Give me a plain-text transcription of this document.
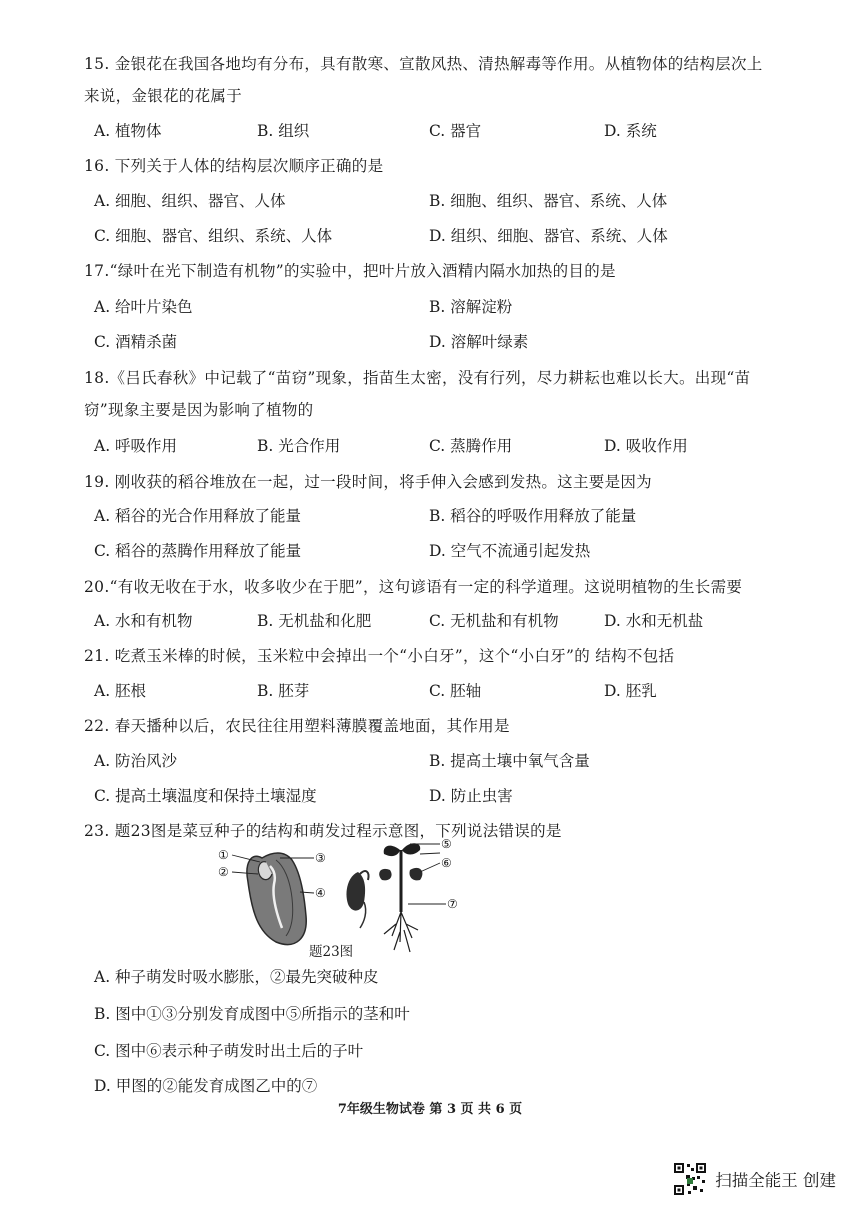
15. 金银花在我国各地均有分布，具有散寒、宣散风热、清热解毒等作用。从植物体的结构层次上
来说，金银花的花属于
A. 植物体	B. 组织	C. 器官	D. 系统
16. 下列关于人体的结构层次顺序正确的是
A. 细胞、组织、器官、人体	B. 细胞、组织、器官、系统、人体
C. 细胞、器官、组织、系统、人体	D. 组织、细胞、器官、系统、人体
17.“绿叶在光下制造有机物”的实验中，把叶片放入酒精内隔水加热的目的是
A. 给叶片染色	B. 溶解淀粉
C. 酒精杀菌	D. 溶解叶绿素
18.《吕氏春秋》中记载了“苗窃”现象，指苗生太密，没有行列，尽力耕耘也难以长大。出现“苗
窃”现象主要是因为影响了植物的
A. 呼吸作用	B. 光合作用	C. 蒸腾作用	D. 吸收作用
19. 刚收获的稻谷堆放在一起，过一段时间，将手伸入会感到发热。这主要是因为
A. 稻谷的光合作用释放了能量	B. 稻谷的呼吸作用释放了能量
C. 稻谷的蒸腾作用释放了能量	D. 空气不流通引起发热
20.“有收无收在于水，收多收少在于肥”，这句谚语有一定的科学道理。这说明植物的生长需要
A. 水和有机物	B. 无机盐和化肥	C. 无机盐和有机物	D. 水和无机盐
21. 吃煮玉米棒的时候，玉米粒中会掉出一个“小白牙”，这个“小白牙”的 结构不包括
A. 胚根	B. 胚芽	C. 胚轴	D. 胚乳
22. 春天播种以后，农民往往用塑料薄膜覆盖地面，其作用是
A. 防治风沙	B. 提高土壤中氧气含量
C. 提高土壤温度和保持土壤湿度	D. 防止虫害
23. 题23图是菜豆种子的结构和萌发过程示意图，下列说法错误的是
①
②
③
④
⑤
⑥
⑦
题23图
A. 种子萌发时吸水膨胀，②最先突破种皮
B. 图中①③分别发育成图中⑤所指示的茎和叶
C. 图中⑥表示种子萌发时出土后的子叶
D. 甲图的②能发育成图乙中的⑦
7年级生物试卷 第 3 页 共 6 页
扫描全能王 创建
